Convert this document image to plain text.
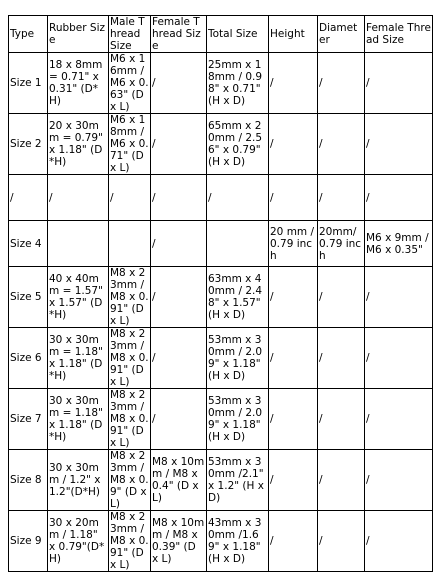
Type	Rubber Size	Male Thread Size	Female Thread Size	Total Size	Height	Diameter	Female Thread Size
Size 1	18 x 8mm = 0.71" x 0.31" (D*H)	M6 x 16mm / M6 x 0.63" (D x L)	/	25mm x 18mm / 0.98" x 0.71" (H x D)	/	/	/
Size 2	20 x 30mm = 0.79" x 1.18" (D*H)	M6 x 18mm / M6 x 0.71" (D x L)	/	65mm x 20mm / 2.56" x 0.79" (H x D)	/	/	/
/	/	/	/	/	/	/	/
Size 4			/		20 mm / 0.79 inch	20mm/0.79 inch	M6 x 9mm /M6 x 0.35"
Size 5	40 x 40mm = 1.57" x 1.57" (D*H)	M8 x 23mm / M8 x 0.91" (D x L)	/	63mm x 40mm / 2.48" x 1.57" (H x D)	/	/	/
Size 6	30 x 30mm = 1.18" x 1.18" (D*H)	M8 x 23mm / M8 x 0.91" (D x L)	/	53mm x 30mm / 2.09" x 1.18" (H x D)	/	/	/
Size 7	30 x 30mm = 1.18" x 1.18" (D*H)	M8 x 23mm / M8 x 0.91" (D x L)	/	53mm x 30mm / 2.09" x 1.18" (H x D)	/	/	/
Size 8	30 x 30mm / 1.2" x 1.2"(D*H)	M8 x 23mm / M8 x 0.9" (D x L)	M8 x 10mm / M8 x 0.4" (D x L)	53mm x 30mm /2.1" x 1.2" (H x D)	/	/	/
Size 9	30 x 20mm / 1.18" x 0.79"(D*H)	M8 x 23mm / M8 x 0.91" (D x L)	M8 x 10mm / M8 x 0.39" (D x L)	43mm x 30mm /1.69" x 1.18" (H x D)	/	/	/
